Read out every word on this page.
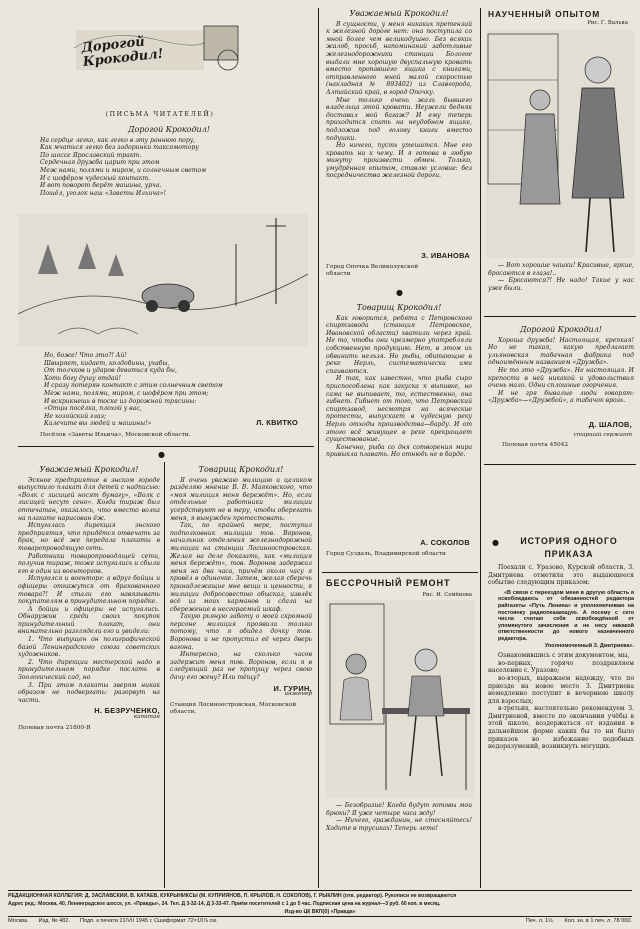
Дорогой Крокодил!
(ПИСЬМА ЧИТАТЕЛЕЙ)
Дорогой Крокодил!
На сердце легко, как легко в эту раннюю пору,
Как мчаться легко без задоринки таксомотору
По шоссе Ярославский тракт.
Сердечная дружба царит при этом
Меж нами, полями и миром, и солнечным светом
И с шофёром чудесный контакт.
И вот поворот берёт машина, урча.
Пошёл, уголок наш «Заветы Ильича»!
Но, боже! Что это?! Ай!
Швыряет, кидает, колдобины, ухабы,
От толчков и ударов деваться куда бы,
Хоть богу душу отдай!
И сразу потерян контакт с этим солнечным светом
Меж нами, полями, миром, с шофёром при этом;
И вскрикнешь в тоске из дорожной трясины:
«Отцы посёлка, плохой у вас,
Не хозяйский глаз;
Калечите вы людей и машины!»	Л. КВИТКО
Посёлок «Заветы Ильича», Московской области.
●
Уважаемый Крокодил!

Эскное предприятие в энском городе выпустило плакат для детей с надписью: «Волк с лисицей носят бумагу», «Волк с лисицей несут сено». Когда тираж был отпечатан, оказалось, что вместо волка на плакате нарисован ёж.

Испугалась дирекция энского предприятия, что придётся отвечать за брак, но всё же передала плакаты в товаропроводящую сеть.

Работники товаропроводящей сети, получив тираж, тоже испугались и сбыли его в один из военторгов.

Испугался и военторг: а вдруг бойцы и офицеры откажутся от бракованного товара?! И стали его навязывать покупателям в принудительном порядке.

А бойцы и офицеры не испугались. Обнаружив среди своих покупок принудительный плакат, они внимательно разглядели его и увидели:

1. Что выпущен он полиграфической базой Ленинградского союза советских художников.

2. Что дирекции местерской надо в принудительном порядке послать в Зоологический сад, но

3. При этом плакаты зверям никак образом не подвергать: разорвут на части.

Н. БЕЗРУЧЕНКО,
капитан
Полевая почта 21800-Я
Товарищ Крокодил!

Я очень уважаю милицию и целиком разделяю мнение В. В. Маяковского, что «моя милиция меня бережёт». Но, если отдельные работники милиции усердствуют не в меру, чтобы оберегать меня, я вынужден протестовать.

Так, по крайней мере, поступил подполковник милиции тов. Воронов, начальник отделения железнодорожной милиции на станции Лосиноостровская. Желая на деле доказать, как «милиция меня бережёт», тов. Воронов задержал меня на два часа, причём около часу я провёл в одиночке. Затем, желая сберечь принадлежащие мне вещи и ценности, я милиции добросовестно обыскал, извлёк всё из моих карманов и сдала на сбережение в несгораемый шкаф.

Такую рьяную заботу о моей скромной персоне милиция проявила только потому, что я обидел дочку тов. Воронова и не пропустил её через дверь вагона.

Интересно, на сколько часов задержит меня тов. Воронов, если я в следующий раз не пропущу через свою дачу его жену? Или тёщу?

И. ГУРИН,
инженер
Станция Лосиноостровская, Московской области.
Уважаемый Крокодил!

В сущности, у меня никаких претензий к железной дороге нет: она поступила со мной более чем великодушно. Без всяких жалоб, просьб, напоминаний заботливые железнодорожники станции Бологое выдали мне хорошую двуспальную кровать вместо пропавшего ящика с книгами, отправленного мной малой скоростью (накладная № 893402) из Славгорода, Алтайский край, в город Опочку.

Мне только очень жаль бывшего владельца этой кровати. Неужели бедняк доставил мой багаж? И ему теперь приходится спать на неудобном ящике, подложив под голову книги вместо подушки.

Но ничего, пусть утешится. Мне его кровать ни к чему. И я готова в любую минуту произвести обмен. Только, умудрённая опытом, ставлю условие: без посредничества железной дороги.

З. ИВАНОВА
Город Опочка Великолукской области
●
Товарищ Крокодил!

Как говорится, ребята с Петровского спиртзавода (станция Петровское, Ивановской области) хватили через край. Не то, чтобы они чрезмерно употребляли собственную продукцию. Нет, в этом их обвинить нельзя. Но рыбы, обитающие в реке Нерль, систематически ими спаиваются.

И так, как известно, что рыба сыро приспособлена как закуска к выпивке, но сама не выпивает, то, естественно, она гибнет. Гибнет от того, что Петровский спиртзавод, несмотря на всяческие протесты, выпускает в чудесную реку Нерль отходы производства—барду. И от этого всё живущее в реке прекращает существование.

Конечно, рыба со дня сотворения мира привыкла плавать. Но отнюдь не в барде.

А. СОКОЛОВ
Город Суздаль, Владимирской области
БЕССРОЧНЫЙ РЕМОНТ
Рис. И. Семёнова

— Безобразие! Когда будут готовы мои брюки? Я уже четыре часа жду!

— Ничего, гражданин, не стесняйтесь! Ходите в трусиках! Теперь лето!

НАУЧЕННЫЙ ОПЫТОМ
Рис. Г. Валька

— Вот хорошие чашки! Красивые, яркие, бросаются в глаза!..

— Бросаются?! Не надо! Такие у нас уже были.

Дорогой Крокодил!

Хороша дружба! Настоящая, крепкая! Но не такая, какую предлагает ульяновская табачная фабрика под одноимённым названием «Дружба».

Не то это «Дружба». Не настоящая. И крепости в ней никакой и удовольствия очень мало. Одни сплошные огорчения.

И не зря бывалые люди говорят: «Дружба»—«Дружбой», а табачок врозь.

Д. ШАЛОВ,
старший сержант
Полевая почта 45042
●	ИСТОРИЯ ОДНОГО
ПРИКАЗА

Поехали с. Уразово, Курской области, З. Дмитриева отметила это выдающееся событие следующим приказом:

«В связи с переездом меня в другую область я освобождаюсь от обязанностей редактора райгазеты «Путь Ленина» и уполномочиваю на постоянку радиопешающую. А посему с сего числа считаю себя освобождённой от упомянутого зачисления и не несу никакой ответственности до нового назначенного редактора.

Уполномоченный З. Дмитриева».

Ознакомившись с этим документом, мы,

во-первых, горячо поздравляем население с. Уразово;

во-вторых, выражаем надежду, что по приезде на новое место З. Дмитриева немедленно поступит в вечернюю школу для взрослых;

в-третьих, настоятельно рекомендуем З. Дмитриевой, вместе по окончании учёбы в этой школе, воздержаться от издания в дальнейшем форме каких бы то ни было приказов во избежание подобных недоразумений, возникнуть могущих.

РЕДАКЦИОННАЯ КОЛЛЕГИЯ: Д. ЗАСЛАВСКИЙ, В. КАТАЕВ, КУКРЫНИКСЫ (М. КУПРИЯНОВ, П. КРЫЛОВ, Н. СОКОЛОВ), Г. РЫКЛИН (отв. редактор). Рукописи не возвращаются
Адрес ред.: Москва, 40, Ленинградское шоссе, ул. «Правды», 24. Тел. Д 3-32-14, Д 3-33-47. Приём посетителей с 1 до 5 час. Подписная цена на журнал—3 руб. 60 коп. в месяц.
Изд-во ЦК ВКП(б) «Правда»
Москва. Изд. № 482. Подп. к печати 21/VII 1945 г. Сшиформат 72×10⅞ см.	Печ. л. 1½. Кол. зн. в 1 печ. л. 78 000.
